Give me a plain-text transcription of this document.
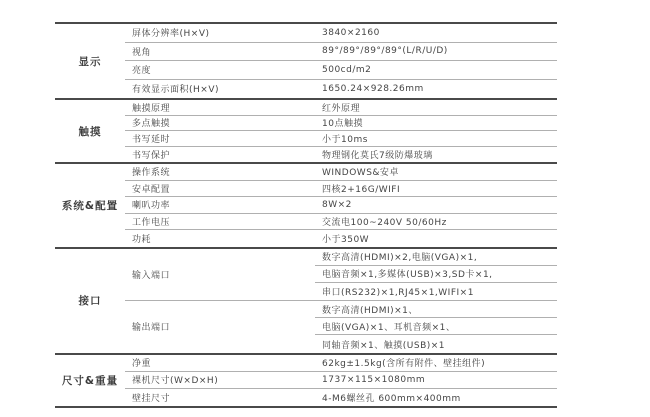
显示
屏体分辨率(H×V)	3840×2160
视角	89°/89°/89°/89°(L/R/U/D)
亮度	500cd/m2
有效显示面积(H×V)	1650.24×928.26mm
触摸
触摸原理	红外原理
多点触摸	10点触摸
书写延时	小于10ms
书写保护	物理钢化莫氏7级防爆玻璃
系统&配置
操作系统	WINDOWS&安卓
安卓配置	四核2+16G/WIFI
喇叭功率	8W×2
工作电压	交流电100~240V 50/60Hz
功耗	小于350W
接口
输入端口
数字高清(HDMI)×2,电脑(VGA)×1,
电脑音频×1,多媒体(USB)×3,SD卡×1,
串口(RS232)×1,RJ45×1,WIFI×1
输出端口
数字高清(HDMI)×1、
电脑(VGA)×1、耳机音频×1、
同轴音频×1、触摸(USB)×1
尺寸&重量
净重	62kg±1.5kg(含所有附件、壁挂组件)
裸机尺寸(W×D×H)	1737×115×1080mm
壁挂尺寸	4-M6螺丝孔 600mm×400mm
